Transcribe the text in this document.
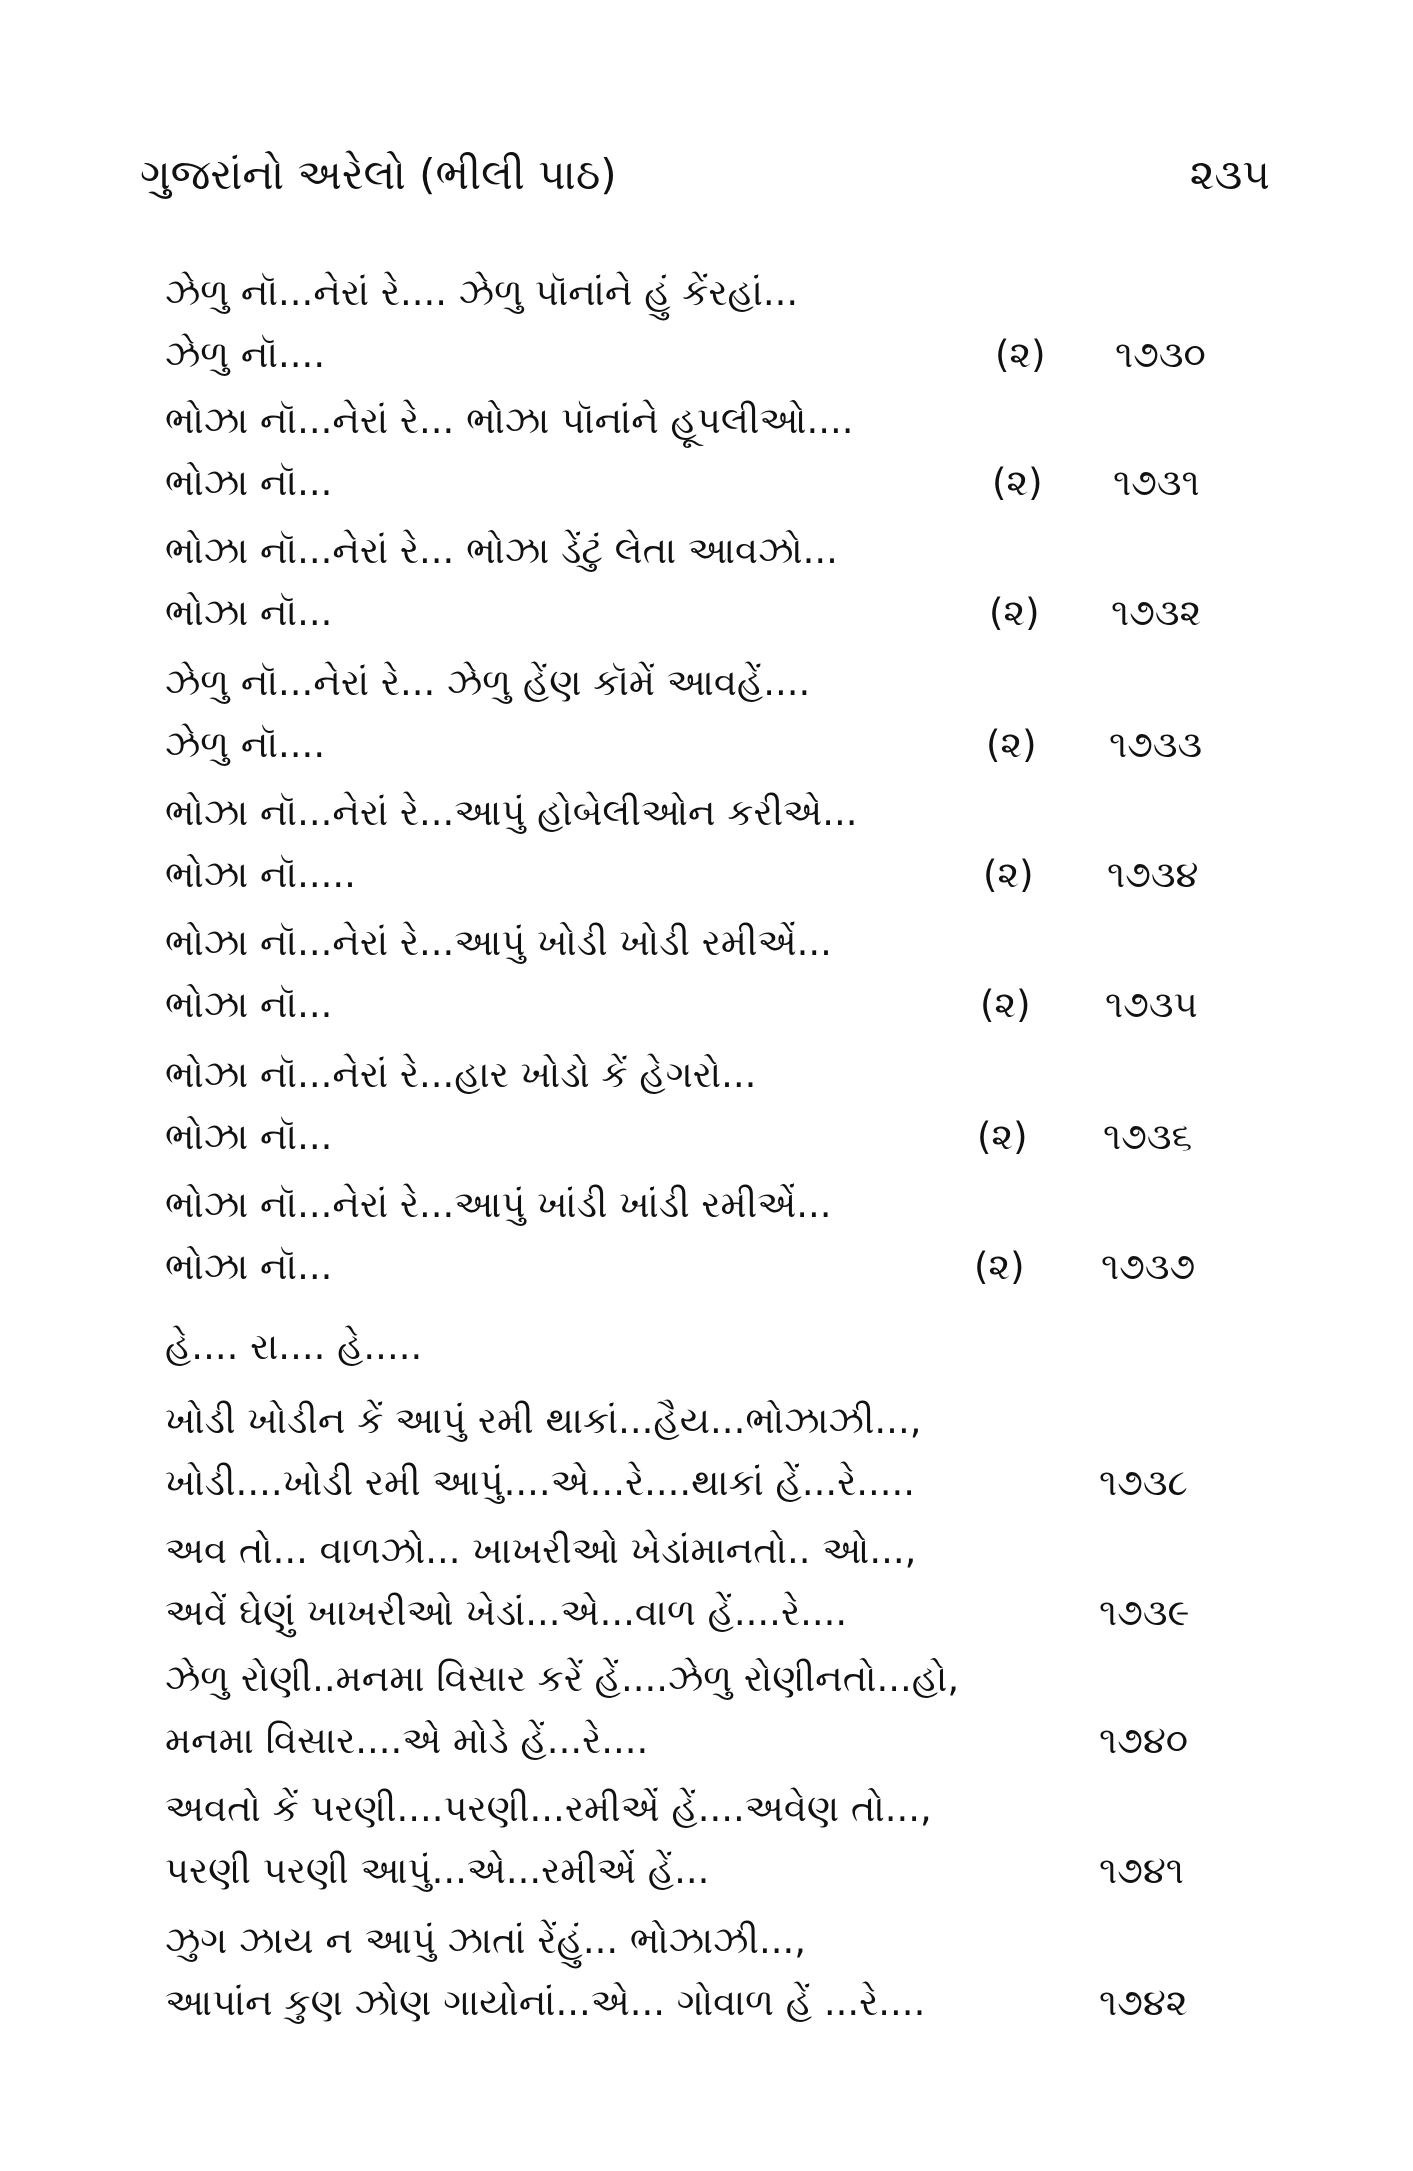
ગુજરાંનો અરેલો (ભીલી પાઠ)	૨૩૫
ઝેળુ નૉ...નેરાં રે.... ઝેળુ પૉનાંને હું કેંરહાં...
ઝેળુ નૉ....	(૨) ૧૭૩૦
ભોઝા નૉ...નેરાં રે... ભોઝા પૉનાંને હૂપલીઓ....
ભોઝા નૉ...	(૨) ૧૭૩૧
ભોઝા નૉ...નેરાં રે... ભોઝા ડેંટું લેતા આવઝો...
ભોઝા નૉ...	(૨) ૧૭૩૨
ઝેળુ નૉ...નેરાં રે... ઝેળુ હેંણ કૉમેં આવહેં....
ઝેળુ નૉ....	(૨) ૧૭૩૩
ભોઝા નૉ...નેરાં રે...આપું હોબેલીઓન કરીએ...
ભોઝા નૉ.....	(૨) ૧૭૩૪
ભોઝા નૉ...નેરાં રે...આપું ખોડી ખોડી રમીએં...
ભોઝા નૉ...	(૨) ૧૭૩૫
ભોઝા નૉ...નેરાં રે...હાર ખોડો કેં હેગરો...
ભોઝા નૉ...	(૨) ૧૭૩૬
ભોઝા નૉ...નેરાં રે...આપું ખાંડી ખાંડી રમીએં...
ભોઝા નૉ...	(૨) ૧૭૩૭
હે.... રા.... હે.....
ખોડી ખોડીન કેં આપું રમી થાકાં...હૈય...ભોઝાઝી...,
ખોડી....ખોડી રમી આપું....એ...રે....થાકાં હેં...રે.....	૧૭૩૮
અવ તો... વાળઝો... ખાખરીઓ ખેડાંમાનતો.. ઓ...,
અવેં ઘેણું ખાખરીઓ ખેડાં...એ...વાળ હેં....રે....	૧૭૩૯
ઝેળુ રોણી..મનમા વિસાર કરેં હેં....ઝેળુ રોણીનતો...હો,
મનમા વિસાર....એ મોડે હેં...રે....	૧૭૪૦
અવતો કેં પરણી....પરણી...રમીએં હેં....અવેણ તો...,
પરણી પરણી આપું...એ...રમીએં હેં...	૧૭૪૧
ઝુગ ઝાય ન આપું ઝાતાં રેંહું... ભોઝાઝી...,
આપાંન કુણ ઝોણ ગાયોનાં...એ... ગોવાળ હેં ...રે....	૧૭૪૨
